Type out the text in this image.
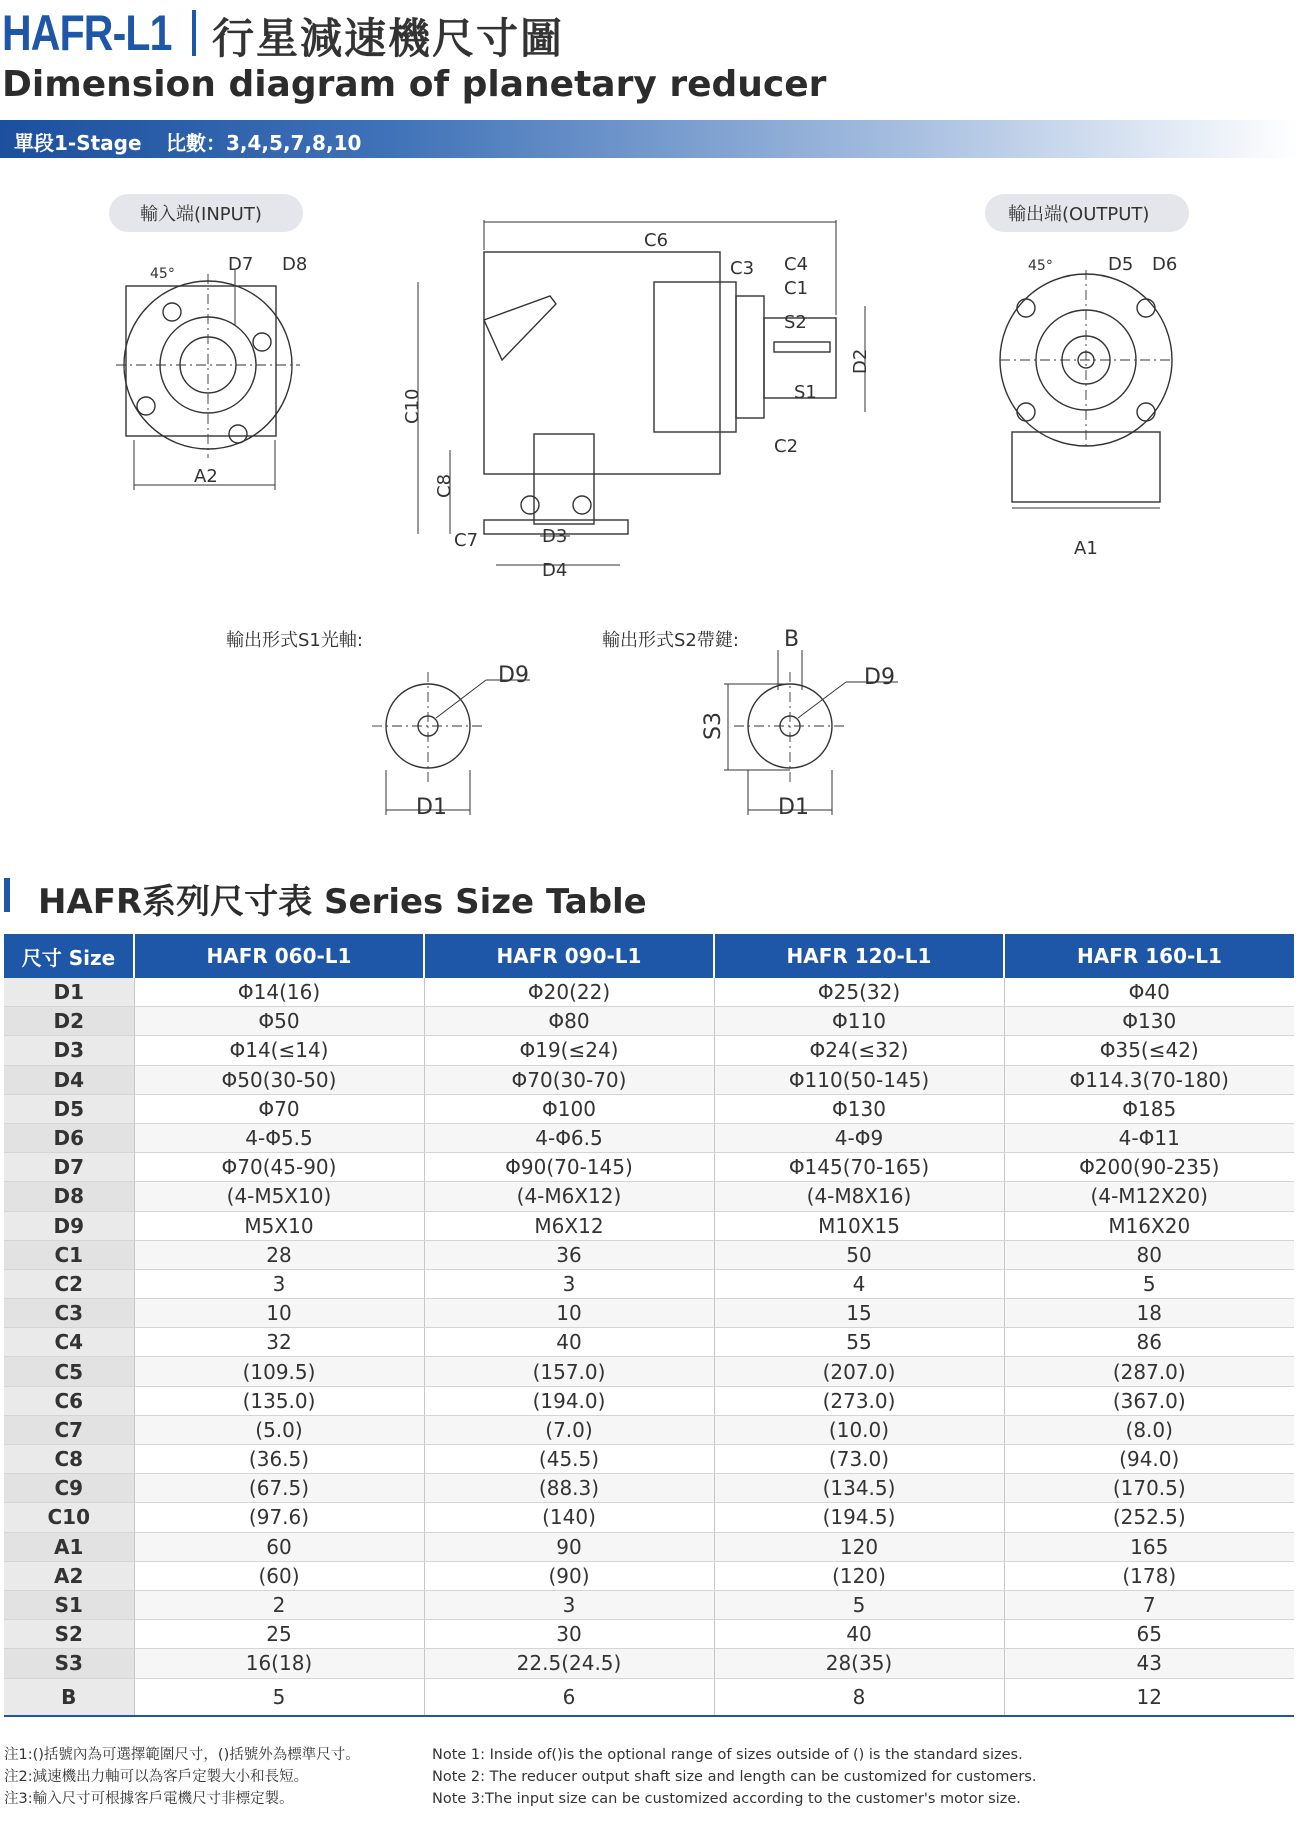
HAFR-L1 行星減速機尺寸圖
Dimension diagram of planetary reducer
單段1-Stage 比數：3,4,5,7,8,10
輸入端(INPUT)	輸出端(OUTPUT)
45°	45°
D7 D8
A2
C6
C3 C4
C1
S2
S1
D2
C2
C10
C8
C7	D3
D4
D5 D6
A1
輸出形式S1光軸:	輸出形式S2帶鍵:
D9
D1
B
S3
D9
D1
HAFR系列尺寸表 Series Size Table
尺寸 Size	HAFR 060-L1	HAFR 090-L1	HAFR 120-L1	HAFR 160-L1
D1	Φ14(16)	Φ20(22)	Φ25(32)	Φ40
D2	Φ50	Φ80	Φ110	Φ130
D3	Φ14(≤14)	Φ19(≤24)	Φ24(≤32)	Φ35(≤42)
D4	Φ50(30-50)	Φ70(30-70)	Φ110(50-145)	Φ114.3(70-180)
D5	Φ70	Φ100	Φ130	Φ185
D6	4-Φ5.5	4-Φ6.5	4-Φ9	4-Φ11
D7	Φ70(45-90)	Φ90(70-145)	Φ145(70-165)	Φ200(90-235)
D8	(4-M5X10)	(4-M6X12)	(4-M8X16)	(4-M12X20)
D9	M5X10	M6X12	M10X15	M16X20
C1	28	36	50	80
C2	3	3	4	5
C3	10	10	15	18
C4	32	40	55	86
C5	(109.5)	(157.0)	(207.0)	(287.0)
C6	(135.0)	(194.0)	(273.0)	(367.0)
C7	(5.0)	(7.0)	(10.0)	(8.0)
C8	(36.5)	(45.5)	(73.0)	(94.0)
C9	(67.5)	(88.3)	(134.5)	(170.5)
C10	(97.6)	(140)	(194.5)	(252.5)
A1	60	90	120	165
A2	(60)	(90)	(120)	(178)
S1	2	3	5	7
S2	25	30	40	65
S3	16(18)	22.5(24.5)	28(35)	43
B	5	6	8	12
注1:()括號內為可選擇範圍尺寸，()括號外為標準尺寸。
注2:減速機出力軸可以為客戶定製大小和長短。
注3:輸入尺寸可根據客戶電機尺寸非標定製。
Note 1: Inside of()is the optional range of sizes outside of () is the standard sizes.
Note 2: The reducer output shaft size and length can be customized for customers.
Note 3:The input size can be customized according to the customer's motor size.
